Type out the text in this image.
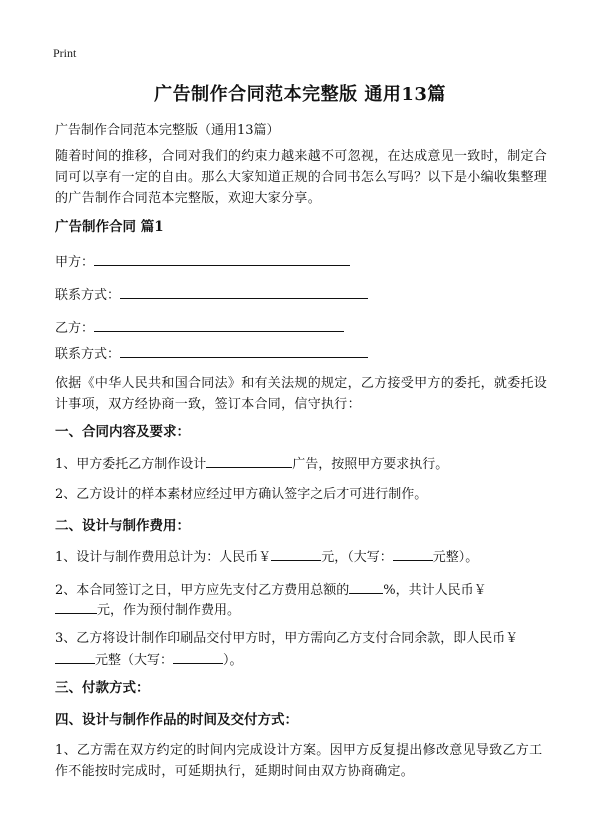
Print
广告制作合同范本完整版 通用13篇
广告制作合同范本完整版（通用13篇）
随着时间的推移，合同对我们的约束力越来越不可忽视，在达成意见一致时，制定合同可以享有一定的自由。那么大家知道正规的合同书怎么写吗？以下是小编收集整理的广告制作合同范本完整版，欢迎大家分享。
广告制作合同 篇1
甲方：
联系方式：
乙方：
联系方式：
依据《中华人民共和国合同法》和有关法规的规定，乙方接受甲方的委托，就委托设计事项，双方经协商一致，签订本合同，信守执行：
一、合同内容及要求：
1、甲方委托乙方制作设计	广告，按照甲方要求执行。
2、乙方设计的样本素材应经过甲方确认签字之后才可进行制作。
二、设计与制作费用：
1、设计与制作费用总计为：人民币￥	元，（大写：	元整）。
2、本合同签订之日，甲方应先支付乙方费用总额的	%，共计人民币￥
元，作为预付制作费用。
3、乙方将设计制作印刷品交付甲方时，甲方需向乙方支付合同余款，即人民币￥
元整（大写：	）。
三、付款方式：
四、设计与制作作品的时间及交付方式：
1、乙方需在双方约定的时间内完成设计方案。因甲方反复提出修改意见导致乙方工作不能按时完成时，可延期执行，延期时间由双方协商确定。
